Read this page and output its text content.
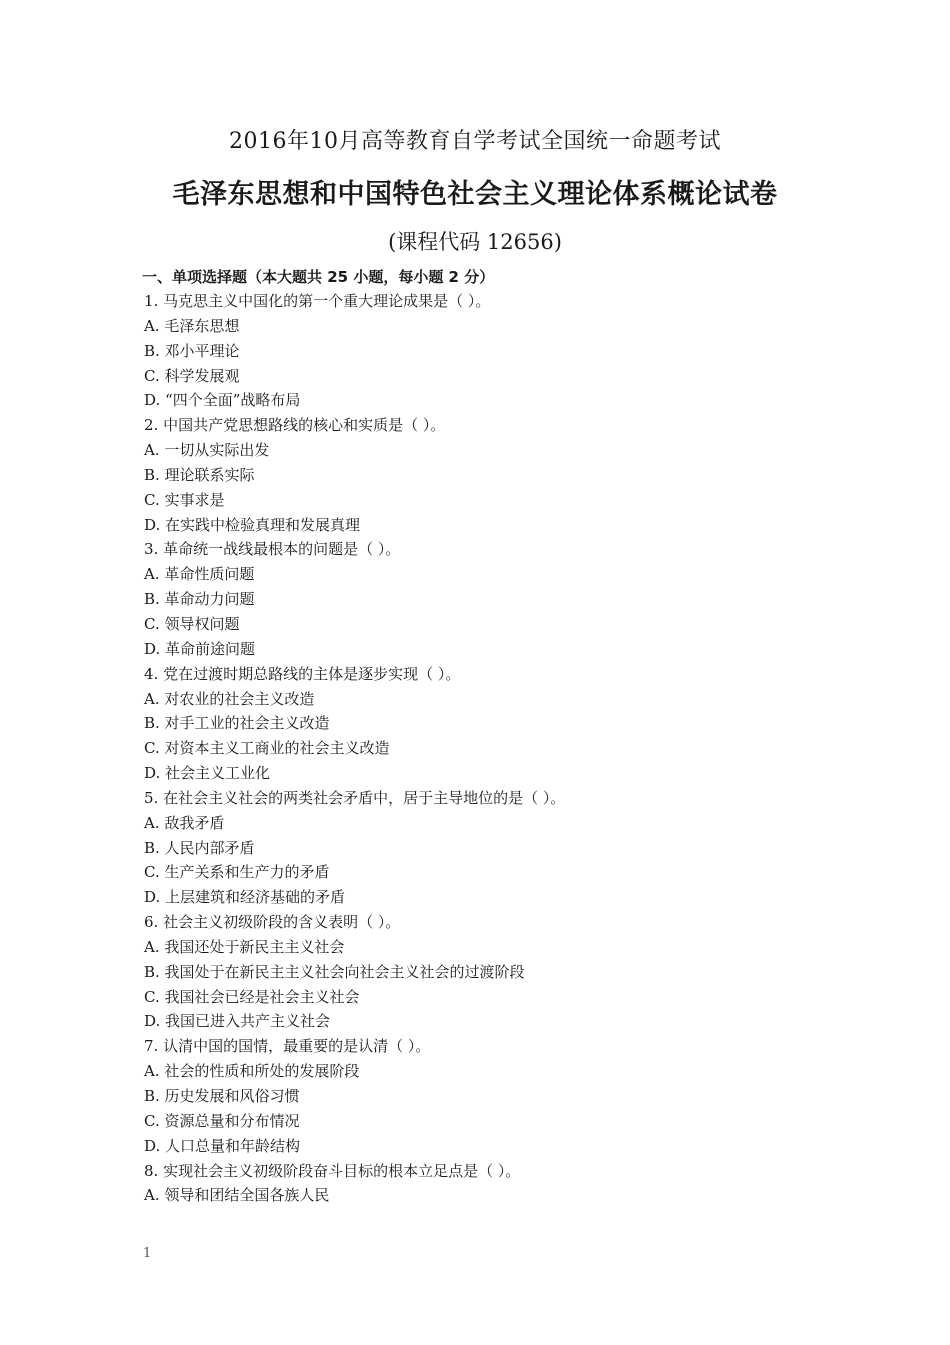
2016年10月高等教育自学考试全国统一命题考试
毛泽东思想和中国特色社会主义理论体系概论试卷
(课程代码 12656)
一、单项选择题（本大题共 25 小题，每小题 2 分）
1. 马克思主义中国化的第一个重大理论成果是（ ）。
A. 毛泽东思想
B. 邓小平理论
C. 科学发展观
D. “四个全面”战略布局
2. 中国共产党思想路线的核心和实质是（ ）。
A. 一切从实际出发
B. 理论联系实际
C. 实事求是
D. 在实践中检验真理和发展真理
3. 革命统一战线最根本的问题是（ ）。
A. 革命性质问题
B. 革命动力问题
C. 领导权问题
D. 革命前途问题
4. 党在过渡时期总路线的主体是逐步实现（ ）。
A. 对农业的社会主义改造
B. 对手工业的社会主义改造
C. 对资本主义工商业的社会主义改造
D. 社会主义工业化
5. 在社会主义社会的两类社会矛盾中，居于主导地位的是（ ）。
A. 敌我矛盾
B. 人民内部矛盾
C. 生产关系和生产力的矛盾
D. 上层建筑和经济基础的矛盾
6. 社会主义初级阶段的含义表明（ ）。
A. 我国还处于新民主主义社会
B. 我国处于在新民主主义社会向社会主义社会的过渡阶段
C. 我国社会已经是社会主义社会
D. 我国已进入共产主义社会
7. 认清中国的国情，最重要的是认清（ ）。
A. 社会的性质和所处的发展阶段
B. 历史发展和风俗习惯
C. 资源总量和分布情况
D. 人口总量和年龄结构
8. 实现社会主义初级阶段奋斗目标的根本立足点是（ ）。
A. 领导和团结全国各族人民
1
